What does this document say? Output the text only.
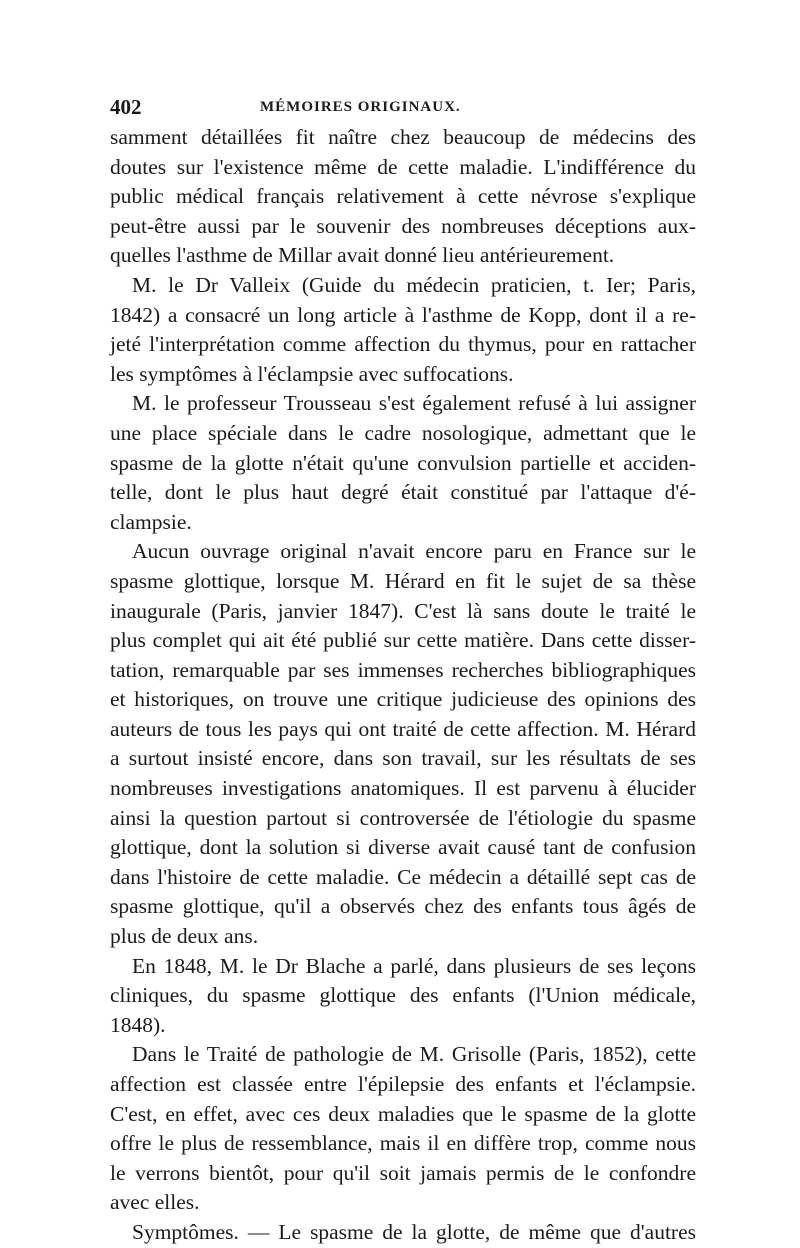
402	MÉMOIRES ORIGINAUX.
samment détaillées fit naître chez beaucoup de médecins des
doutes sur l'existence même de cette maladie. L'indifférence du
public médical français relativement à cette névrose s'explique
peut-être aussi par le souvenir des nombreuses déceptions aux-
quelles l'asthme de Millar avait donné lieu antérieurement.
M. le Dr Valleix (Guide du médecin praticien, t. Ier; Paris,
1842) a consacré un long article à l'asthme de Kopp, dont il a re-
jeté l'interprétation comme affection du thymus, pour en rattacher
les symptômes à l'éclampsie avec suffocations.
M. le professeur Trousseau s'est également refusé à lui assigner
une place spéciale dans le cadre nosologique, admettant que le
spasme de la glotte n'était qu'une convulsion partielle et acciden-
telle, dont le plus haut degré était constitué par l'attaque d'é-
clampsie.
Aucun ouvrage original n'avait encore paru en France sur le
spasme glottique, lorsque M. Hérard en fit le sujet de sa thèse
inaugurale (Paris, janvier 1847). C'est là sans doute le traité le
plus complet qui ait été publié sur cette matière. Dans cette disser-
tation, remarquable par ses immenses recherches bibliographiques
et historiques, on trouve une critique judicieuse des opinions des
auteurs de tous les pays qui ont traité de cette affection. M. Hérard
a surtout insisté encore, dans son travail, sur les résultats de ses
nombreuses investigations anatomiques. Il est parvenu à élucider
ainsi la question partout si controversée de l'étiologie du spasme
glottique, dont la solution si diverse avait causé tant de confusion
dans l'histoire de cette maladie. Ce médecin a détaillé sept cas de
spasme glottique, qu'il a observés chez des enfants tous âgés de
plus de deux ans.
En 1848, M. le Dr Blache a parlé, dans plusieurs de ses leçons
cliniques, du spasme glottique des enfants (l'Union médicale,
1848).
Dans le Traité de pathologie de M. Grisolle (Paris, 1852), cette
affection est classée entre l'épilepsie des enfants et l'éclampsie.
C'est, en effet, avec ces deux maladies que le spasme de la glotte
offre le plus de ressemblance, mais il en diffère trop, comme nous
le verrons bientôt, pour qu'il soit jamais permis de le confondre
avec elles.
Symptômes. — Le spasme de la glotte, de même que d'autres
